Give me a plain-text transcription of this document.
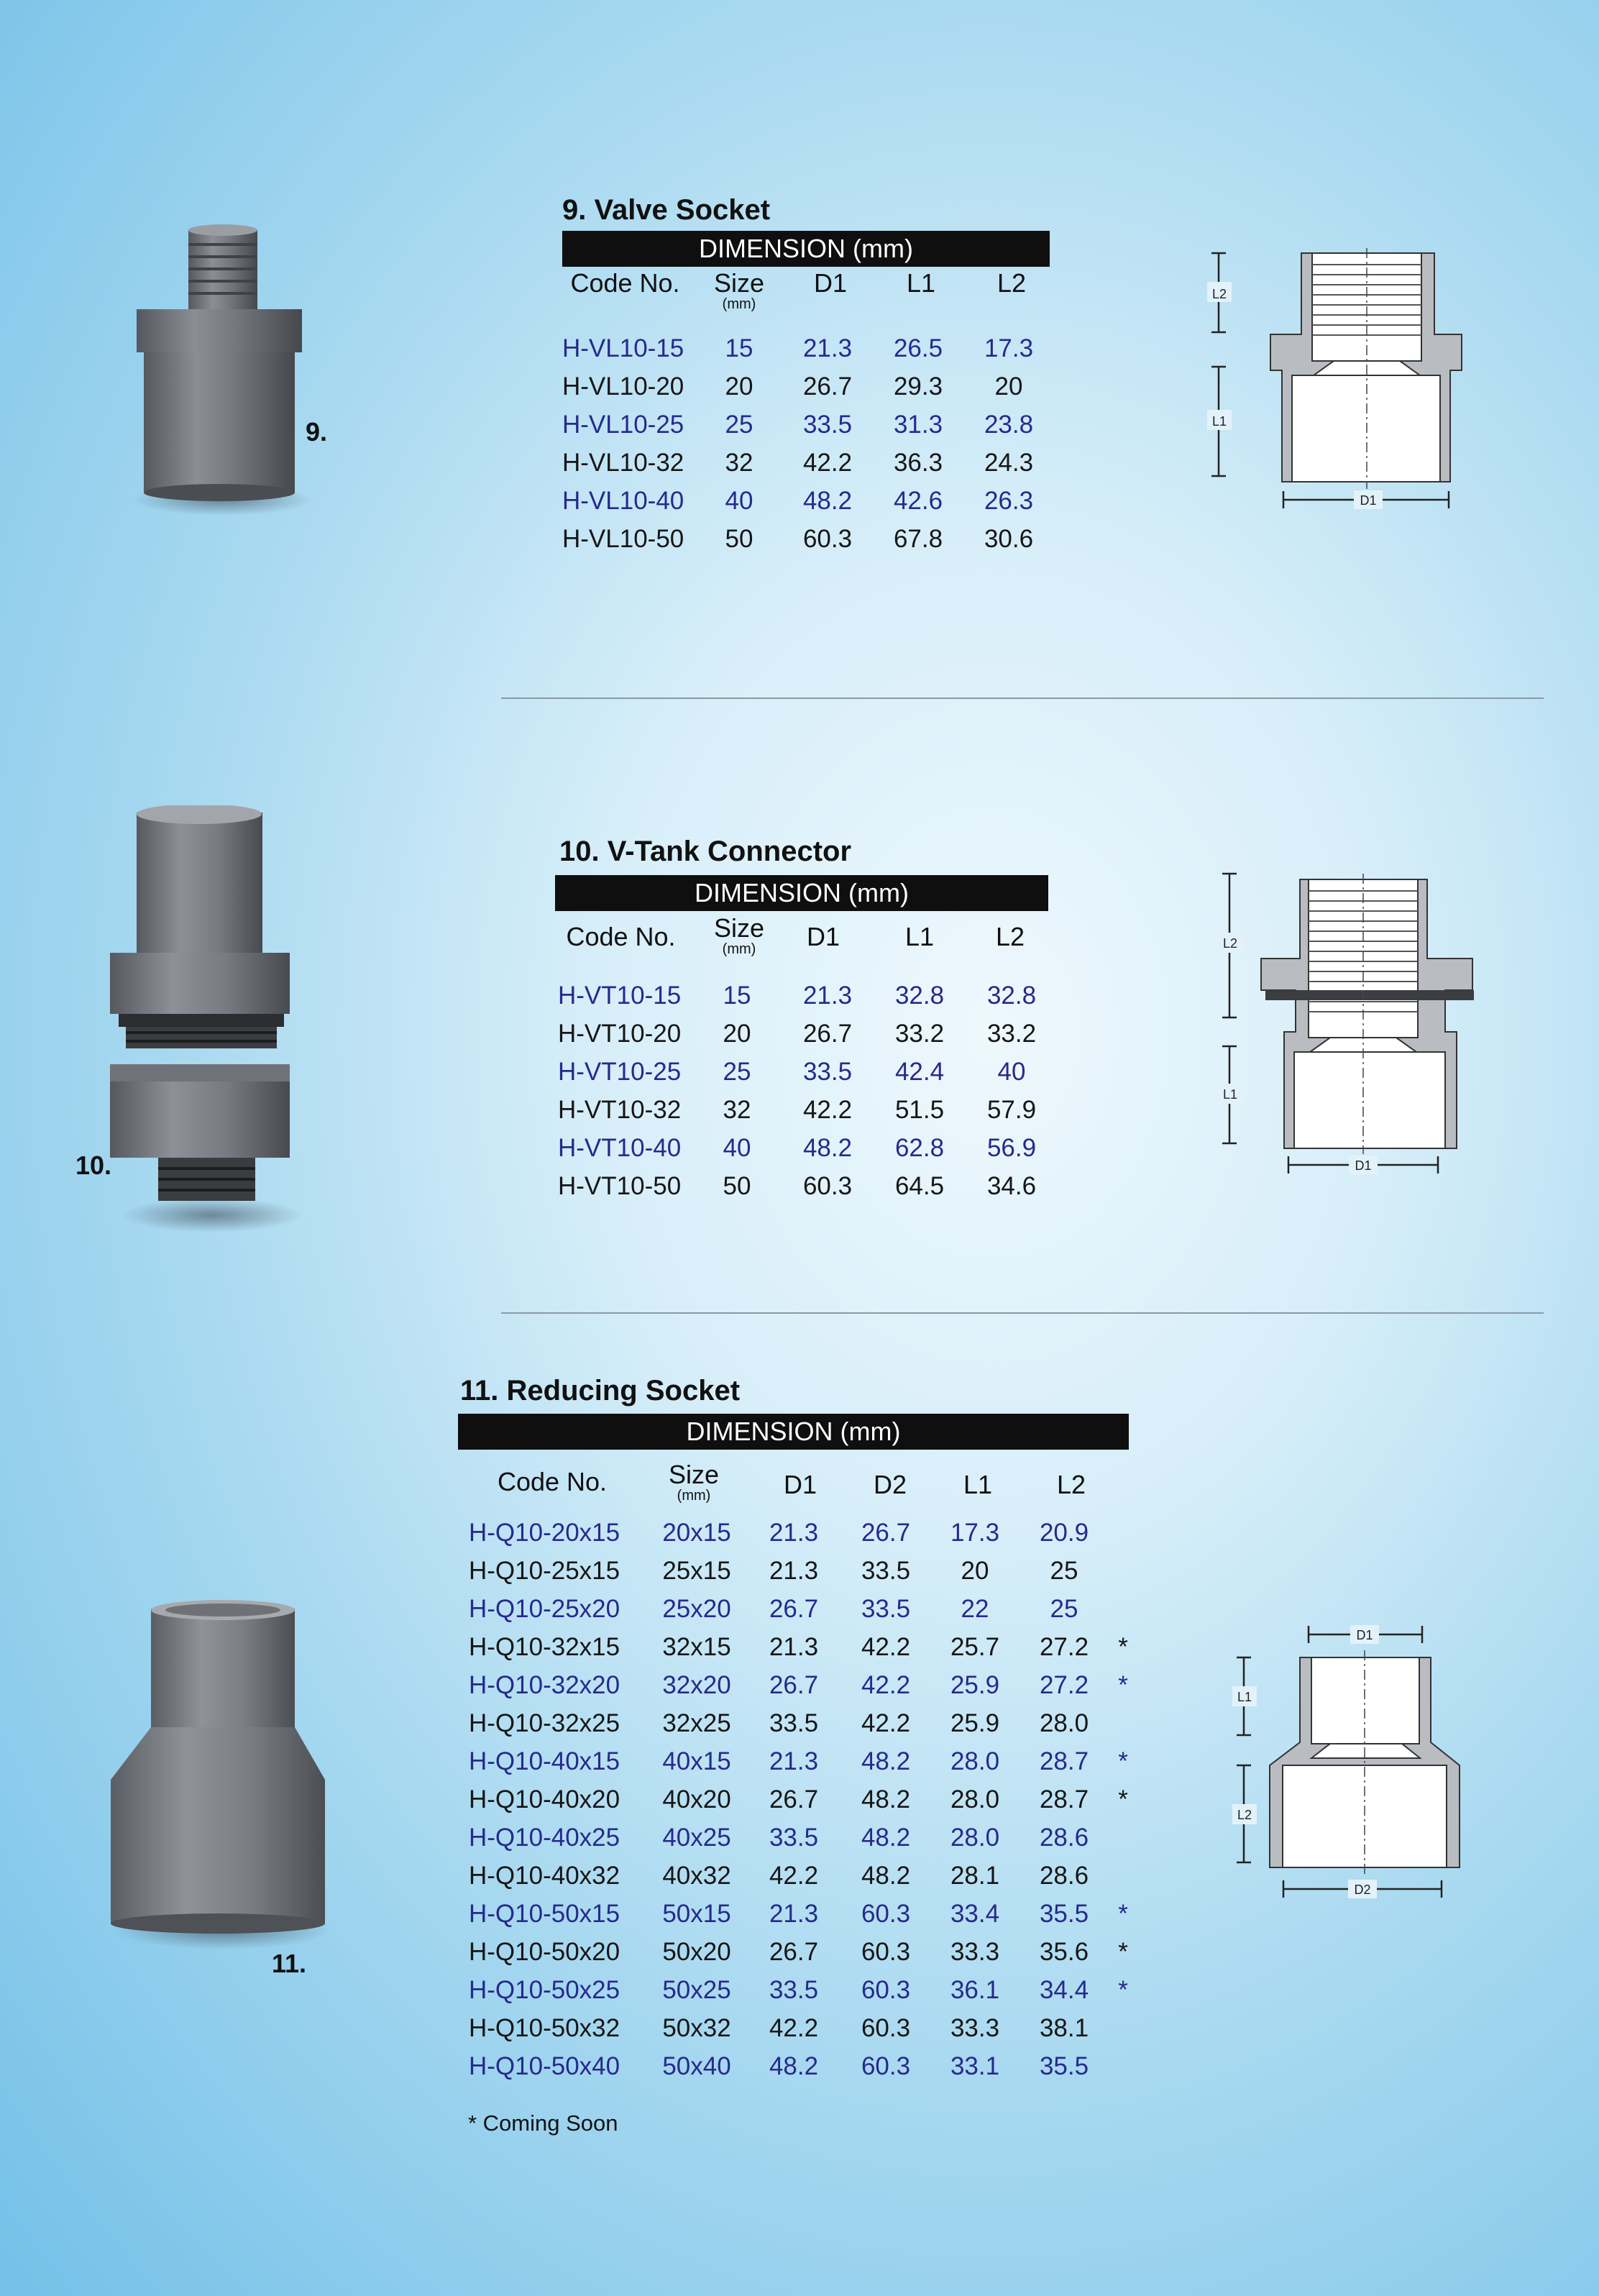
9.
9. Valve Socket
DIMENSION (mm)
Code No.	Size
(mm)
D1	L1	L2
H-VL10-15	15	21.3	26.5	17.3
H-VL10-20	20	26.7	29.3	20
H-VL10-25	25	33.5	31.3	23.8
H-VL10-32	32	42.2	36.3	24.3
H-VL10-40	40	48.2	42.6	26.3
H-VL10-50	50	60.3	67.8	30.6
L2
L1
D1
10.
10. V-Tank Connector
DIMENSION (mm)
Code No.	Size
(mm)	D1	L1	L2
H-VT10-15	15	21.3	32.8	32.8
H-VT10-20	20	26.7	33.2	33.2
H-VT10-25	25	33.5	42.4	40
H-VT10-32	32	42.2	51.5	57.9
H-VT10-40	40	48.2	62.8	56.9
H-VT10-50	50	60.3	64.5	34.6
L2
L1
D1
11.
11. Reducing Socket
DIMENSION (mm)
Code No.	Size
(mm)	D1	D2	L1	L2
H-Q10-20x15	20x15	21.3	26.7	17.3	20.9	
H-Q10-25x15	25x15	21.3	33.5	20	25	
H-Q10-25x20	25x20	26.7	33.5	22	25	
H-Q10-32x15	32x15	21.3	42.2	25.7	27.2	*
H-Q10-32x20	32x20	26.7	42.2	25.9	27.2	*
H-Q10-32x25	32x25	33.5	42.2	25.9	28.0	
H-Q10-40x15	40x15	21.3	48.2	28.0	28.7	*
H-Q10-40x20	40x20	26.7	48.2	28.0	28.7	*
H-Q10-40x25	40x25	33.5	48.2	28.0	28.6	
H-Q10-40x32	40x32	42.2	48.2	28.1	28.6	
H-Q10-50x15	50x15	21.3	60.3	33.4	35.5	*
H-Q10-50x20	50x20	26.7	60.3	33.3	35.6	*
H-Q10-50x25	50x25	33.5	60.3	36.1	34.4	*
H-Q10-50x32	50x32	42.2	60.3	33.3	38.1	
H-Q10-50x40	50x40	48.2	60.3	33.1	35.5	
* Coming Soon
D1
L1
L2
D2
